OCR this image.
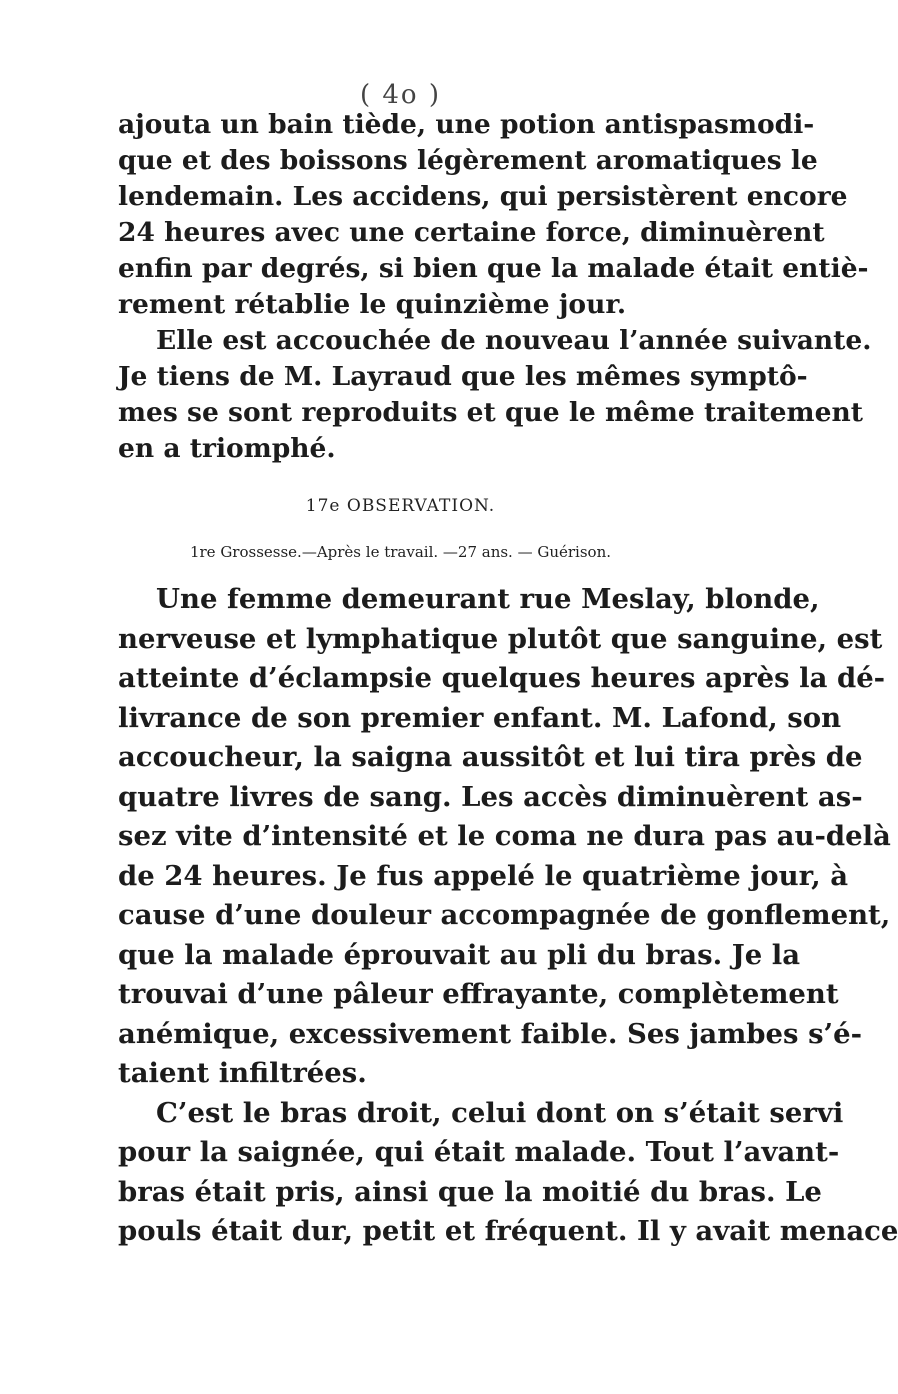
( 4o )

ajouta un bain tiède, une potion antispasmodi-
que et des boissons légèrement aromatiques le
lendemain. Les accidens, qui persistèrent encore
24 heures avec une certaine force, diminuèrent
enfin par degrés, si bien que la malade était entiè-
rement rétablie le quinzième jour.

Elle est accouchée de nouveau l’année suivante.
Je tiens de M. Layraud que les mêmes symptô-
mes se sont reproduits et que le même traitement
en a triomphé.

17e OBSERVATION.
1re Grossesse.—Après le travail. —27 ans. — Guérison.

Une femme demeurant rue Meslay, blonde,
nerveuse et lymphatique plutôt que sanguine, est
atteinte d’éclampsie quelques heures après la dé-
livrance de son premier enfant. M. Lafond, son
accoucheur, la saigna aussitôt et lui tira près de
quatre livres de sang. Les accès diminuèrent as-
sez vite d’intensité et le coma ne dura pas au-delà
de 24 heures. Je fus appelé le quatrième jour, à
cause d’une douleur accompagnée de gonflement,
que la malade éprouvait au pli du bras. Je la
trouvai d’une pâleur effrayante, complètement
anémique, excessivement faible. Ses jambes s’é-
taient infiltrées.

C’est le bras droit, celui dont on s’était servi
pour la saignée, qui était malade. Tout l’avant-
bras était pris, ainsi que la moitié du bras. Le
pouls était dur, petit et fréquent. Il y avait menace
